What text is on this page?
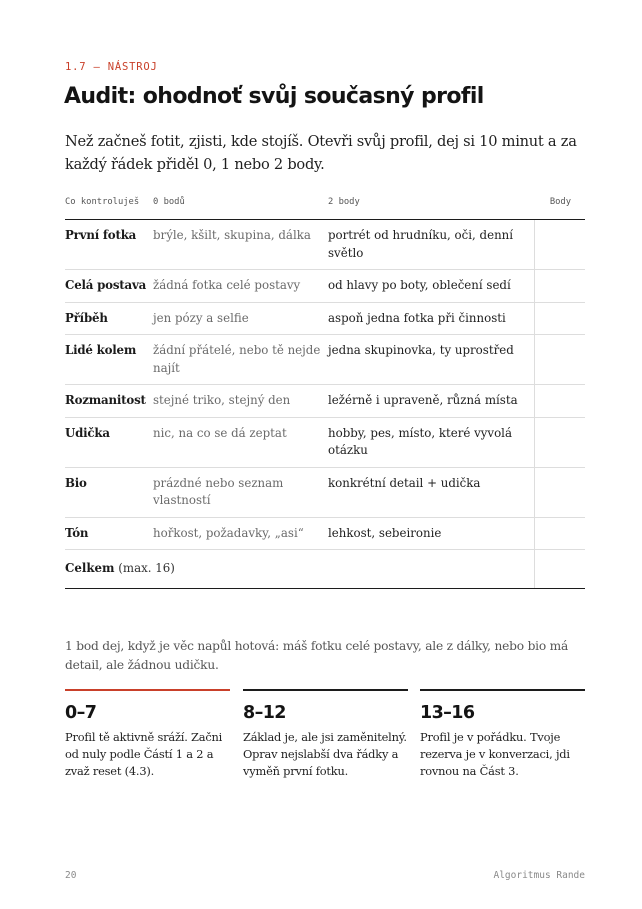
1.7 — NÁSTROJ
Audit: ohodnoť svůj současný profil

Než začneš fotit, zjisti, kde stojíš. Otevři svůj profil, dej si 10 minut a za každý řádek přiděl 0, 1 nebo 2 body.

Co kontroluješ	0 bodů	2 body	Body
První fotka	brýle, kšilt, skupina, dálka	portrét od hrudníku, oči, denní světlo	
Celá postava	žádná fotka celé postavy	od hlavy po boty, oblečení sedí	
Příběh	jen pózy a selfie	aspoň jedna fotka při činnosti	
Lidé kolem	žádní přátelé, nebo tě nejde najít	jedna skupinovka, ty uprostřed	
Rozmanitost	stejné triko, stejný den	ležérně i upraveně, různá místa	
Udička	nic, na co se dá zeptat	hobby, pes, místo, které vyvolá otázku	
Bio	prázdné nebo seznam vlastností	konkrétní detail + udička	
Tón	hořkost, požadavky, „asi“	lehkost, sebeironie	
Celkem (max. 16)			

1 bod dej, když je věc napůl hotová: máš fotku celé postavy, ale z dálky, nebo bio má detail, ale žádnou udičku.

0–7

Profil tě aktivně sráží. Začni od nuly podle Částí 1 a 2 a zvaž reset (4.3).

8–12

Základ je, ale jsi zaměnitelný. Oprav nejslabší dva řádky a vyměň první fotku.

13–16

Profil je v pořádku. Tvoje rezerva je v konverzaci, jdi rovnou na Část 3.

20	Algoritmus Rande
